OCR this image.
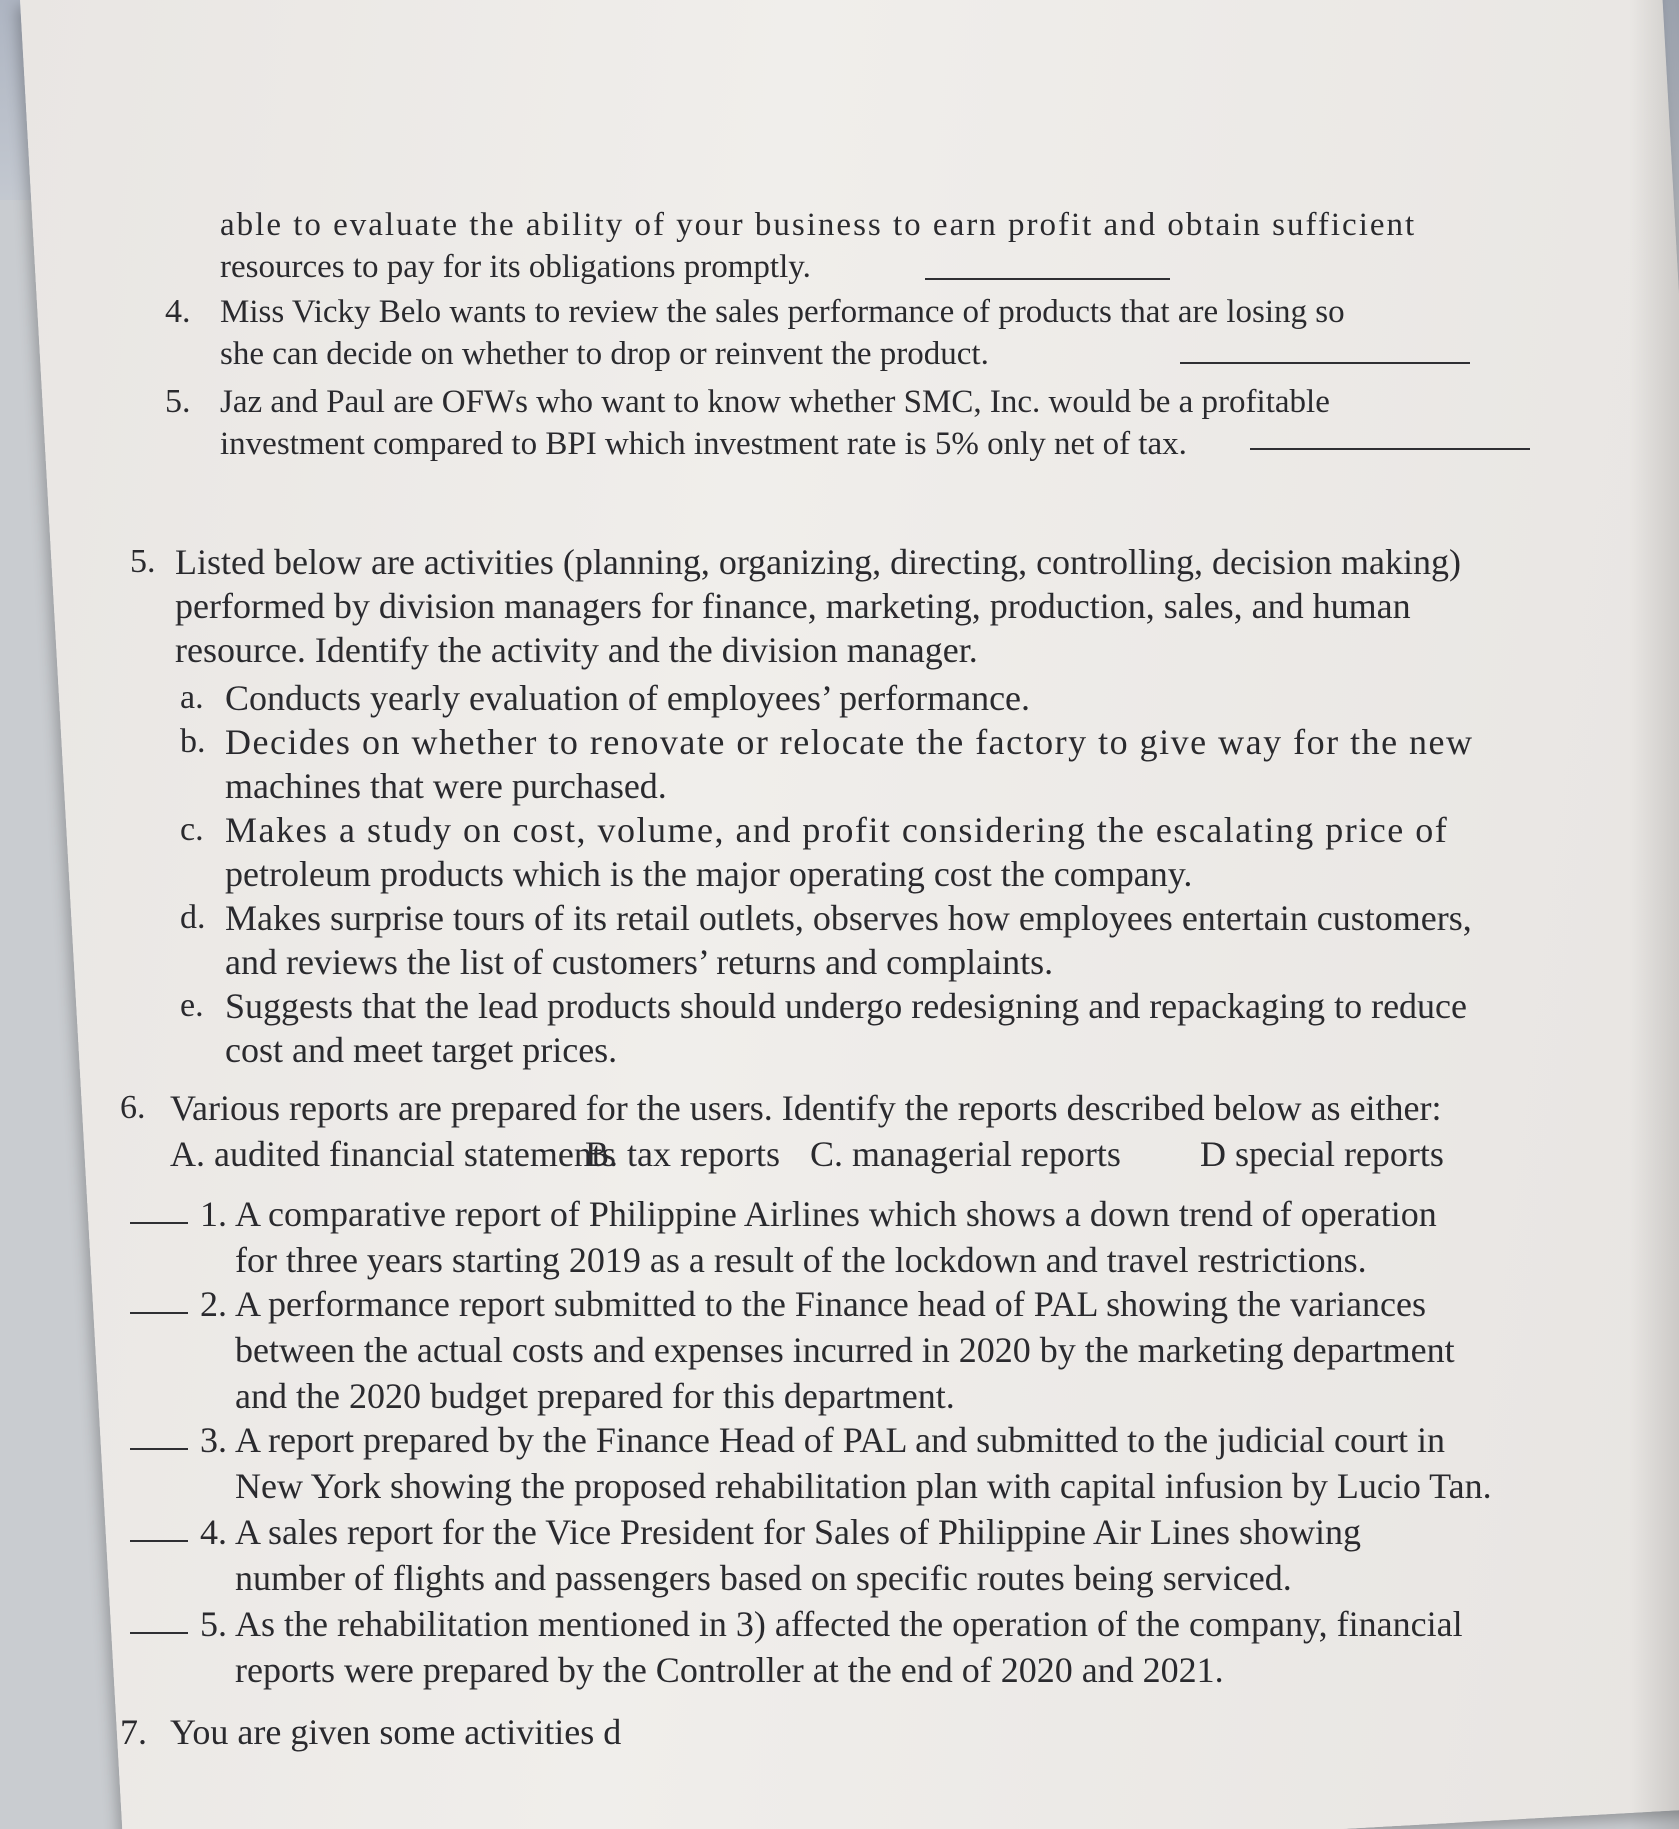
able to evaluate the ability of your business to earn profit and obtain sufficient
resources to pay for its obligations promptly.
4. Miss Vicky Belo wants to review the sales performance of products that are losing so
she can decide on whether to drop or reinvent the product.
5. Jaz and Paul are OFWs who want to know whether SMC, Inc. would be a profitable
investment compared to BPI which investment rate is 5% only net of tax.
5. Listed below are activities (planning, organizing, directing, controlling, decision making)
performed by division managers for finance, marketing, production, sales, and human
resource. Identify the activity and the division manager.
a. Conducts yearly evaluation of employees’ performance.
b. Decides on whether to renovate or relocate the factory to give way for the new
machines that were purchased.
c. Makes a study on cost, volume, and profit considering the escalating price of
petroleum products which is the major operating cost the company.
d. Makes surprise tours of its retail outlets, observes how employees entertain customers,
and reviews the list of customers’ returns and complaints.
e. Suggests that the lead products should undergo redesigning and repackaging to reduce
cost and meet target prices.
6. Various reports are prepared for the users. Identify the reports described below as either:
A. audited financial statements
B. tax reports C. managerial reports D special reports
1. A comparative report of Philippine Airlines which shows a down trend of operation
for three years starting 2019 as a result of the lockdown and travel restrictions.
2. A performance report submitted to the Finance head of PAL showing the variances
between the actual costs and expenses incurred in 2020 by the marketing department
and the 2020 budget prepared for this department.
3. A report prepared by the Finance Head of PAL and submitted to the judicial court in
New York showing the proposed rehabilitation plan with capital infusion by Lucio Tan.
4. A sales report for the Vice President for Sales of Philippine Air Lines showing
number of flights and passengers based on specific routes being serviced.
5. As the rehabilitation mentioned in 3) affected the operation of the company, financial
reports were prepared by the Controller at the end of 2020 and 2021.
7. You are given some activities d
